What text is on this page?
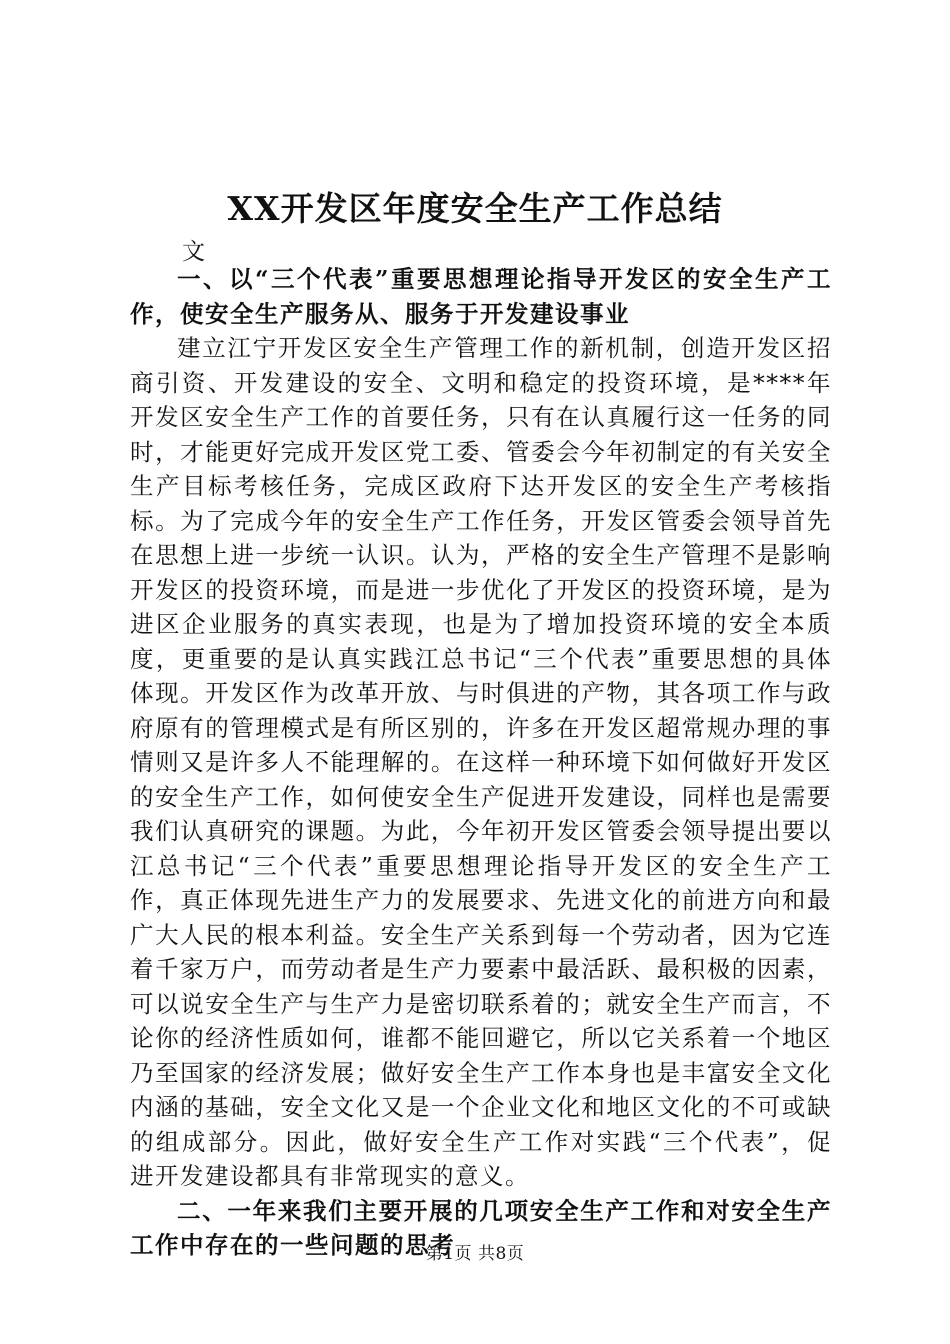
XX开发区年度安全生产工作总结
文

一、以“三个代表”重要思想理论指导开发区的安全生产工作，使安全生产服务从、服务于开发建设事业

建立江宁开发区安全生产管理工作的新机制，创造开发区招商引资、开发建设的安全、文明和稳定的投资环境，是****年开发区安全生产工作的首要任务，只有在认真履行这一任务的同时，才能更好完成开发区党工委、管委会今年初制定的有关安全生产目标考核任务，完成区政府下达开发区的安全生产考核指标。为了完成今年的安全生产工作任务，开发区管委会领导首先在思想上进一步统一认识。认为，严格的安全生产管理不是影响开发区的投资环境，而是进一步优化了开发区的投资环境，是为进区企业服务的真实表现，也是为了增加投资环境的安全本质度，更重要的是认真实践江总书记“三个代表”重要思想的具体体现。开发区作为改革开放、与时俱进的产物，其各项工作与政府原有的管理模式是有所区别的，许多在开发区超常规办理的事情则又是许多人不能理解的。在这样一种环境下如何做好开发区的安全生产工作，如何使安全生产促进开发建设，同样也是需要我们认真研究的课题。为此，今年初开发区管委会领导提出要以江总书记“三个代表”重要思想理论指导开发区的安全生产工作，真正体现先进生产力的发展要求、先进文化的前进方向和最广大人民的根本利益。安全生产关系到每一个劳动者，因为它连着千家万户，而劳动者是生产力要素中最活跃、最积极的因素，可以说安全生产与生产力是密切联系着的；就安全生产而言，不论你的经济性质如何，谁都不能回避它，所以它关系着一个地区乃至国家的经济发展；做好安全生产工作本身也是丰富安全文化内涵的基础，安全文化又是一个企业文化和地区文化的不可或缺的组成部分。因此，做好安全生产工作对实践“三个代表”，促进开发建设都具有非常现实的意义。

二、一年来我们主要开展的几项安全生产工作和对安全生产工作中存在的一些问题的思考

第1页 共8页
